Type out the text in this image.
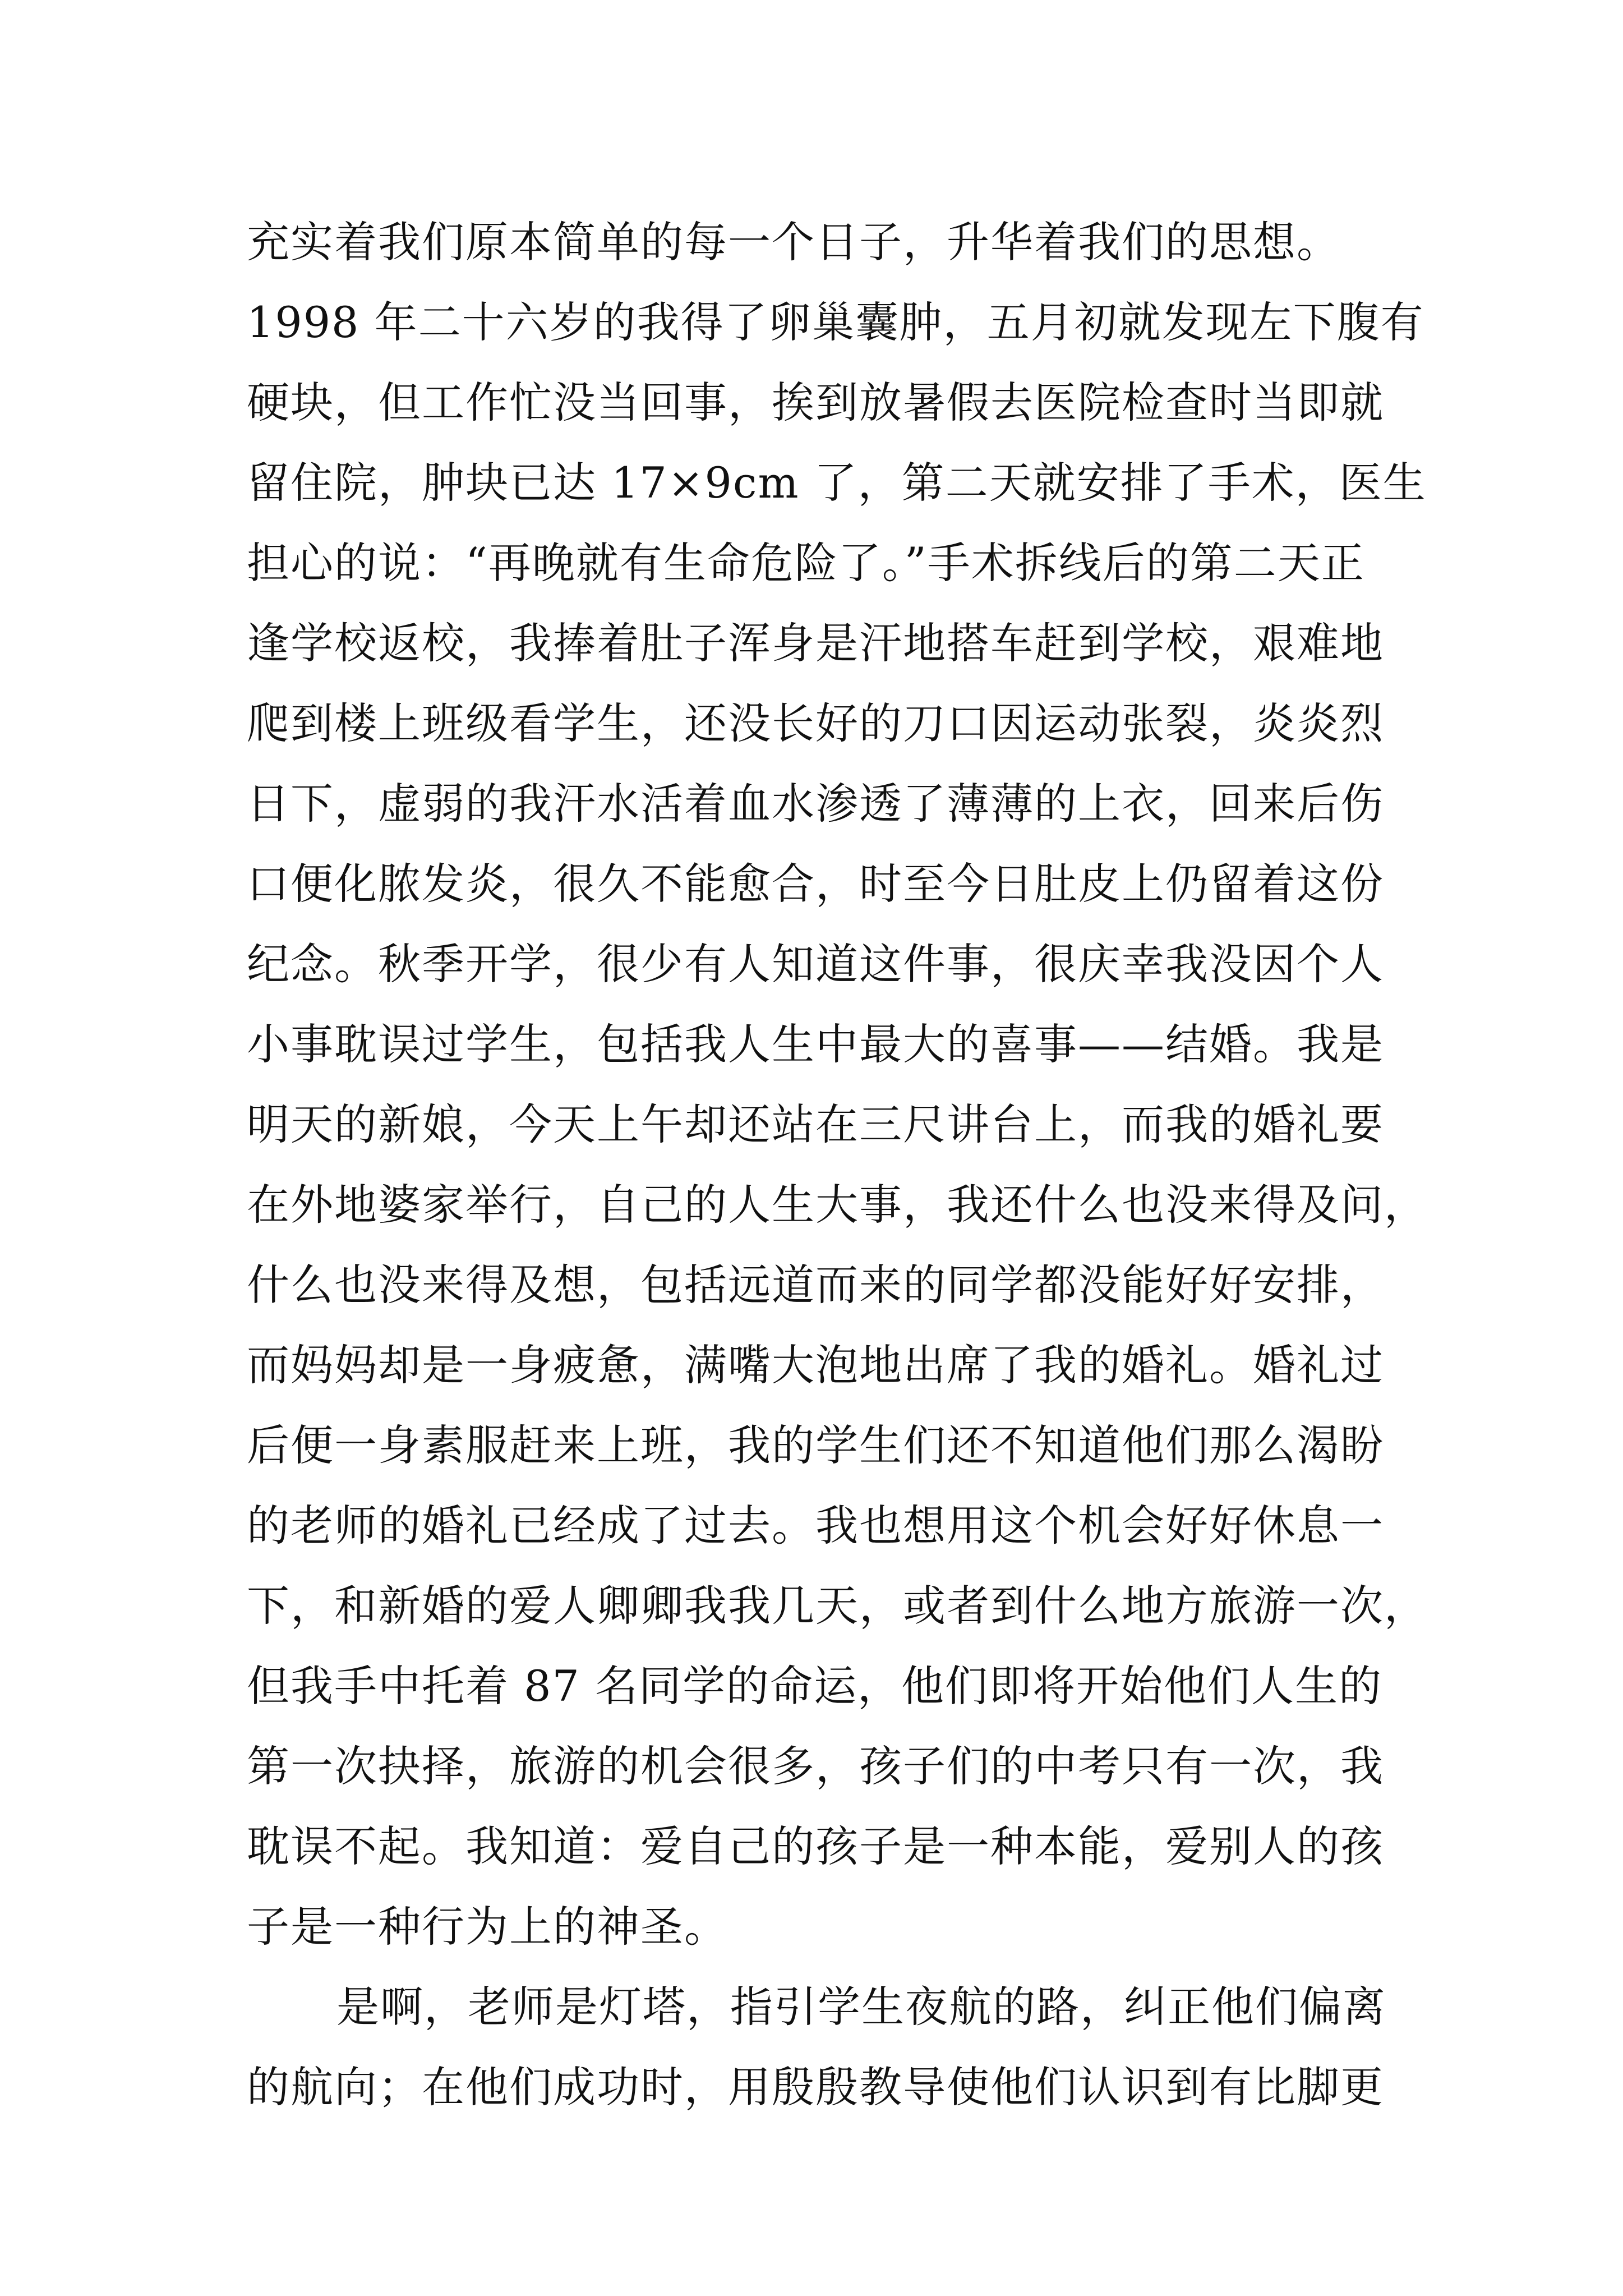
充实着我们原本简单的每一个日子，升华着我们的思想。
1998 年二十六岁的我得了卵巢囊肿，五月初就发现左下腹有
硬块，但工作忙没当回事，挨到放暑假去医院检查时当即就
留住院，肿块已达 17×9cm 了，第二天就安排了手术，医生
担心的说：“再晚就有生命危险了。”手术拆线后的第二天正
逢学校返校，我捧着肚子浑身是汗地搭车赶到学校，艰难地
爬到楼上班级看学生，还没长好的刀口因运动张裂，炎炎烈
日下，虚弱的我汗水活着血水渗透了薄薄的上衣，回来后伤
口便化脓发炎，很久不能愈合，时至今日肚皮上仍留着这份
纪念。秋季开学，很少有人知道这件事，很庆幸我没因个人
小事耽误过学生，包括我人生中最大的喜事——结婚。我是
明天的新娘，今天上午却还站在三尺讲台上，而我的婚礼要
在外地婆家举行，自己的人生大事，我还什么也没来得及问，
什么也没来得及想，包括远道而来的同学都没能好好安排，
而妈妈却是一身疲惫，满嘴大泡地出席了我的婚礼。婚礼过
后便一身素服赶来上班，我的学生们还不知道他们那么渴盼
的老师的婚礼已经成了过去。我也想用这个机会好好休息一
下，和新婚的爱人卿卿我我几天，或者到什么地方旅游一次，
但我手中托着 87 名同学的命运，他们即将开始他们人生的
第一次抉择，旅游的机会很多，孩子们的中考只有一次，我
耽误不起。我知道：爱自己的孩子是一种本能，爱别人的孩
子是一种行为上的神圣。
是啊，老师是灯塔，指引学生夜航的路，纠正他们偏离
的航向；在他们成功时，用殷殷教导使他们认识到有比脚更
